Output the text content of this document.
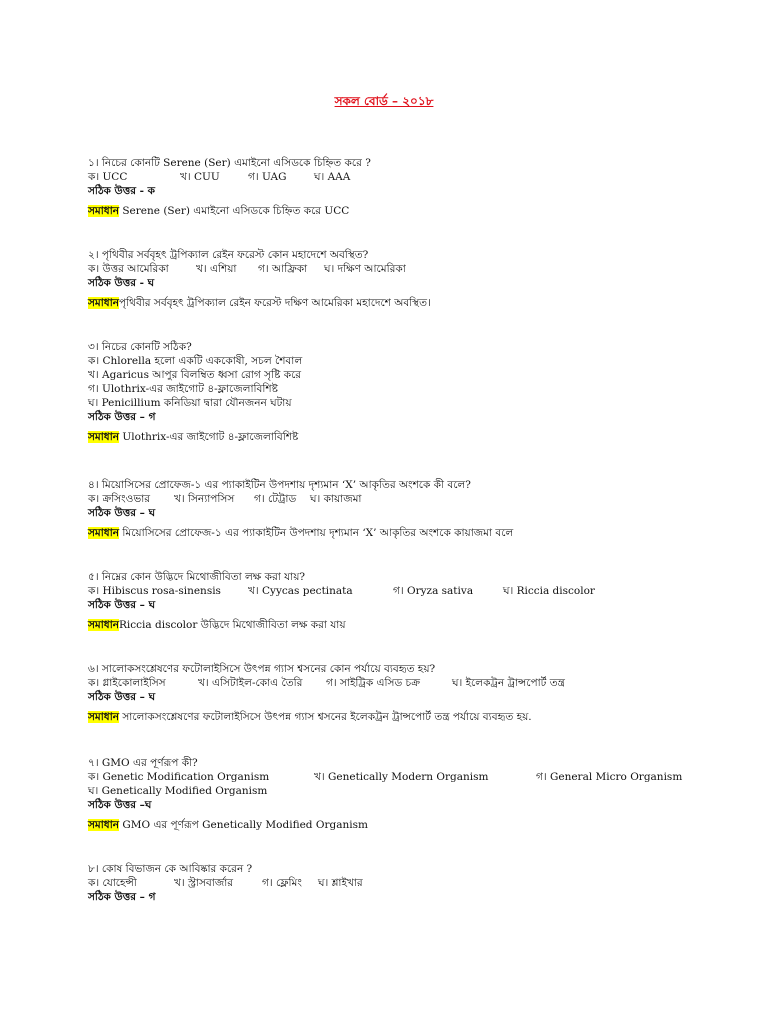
সকল বোর্ড – ২০১৮
১। নিচের কোনটি Serene (Ser) এমাইনো এসিডকে চিহ্নিত করে ?
ক। UCC	খ। CUU	গ। UAG	ঘ। AAA
সঠিক উত্তর - ক
সমাধান Serene (Ser) এমাইনো এসিডকে চিহ্নিত করে UCC
২। পৃথিবীর সর্ববৃহৎ ট্রপিক্যাল রেইন ফরেস্ট কোন মহাদেশে অবস্থিত?
ক। উত্তর আমেরিকা	খ। এশিয়া	গ। আফ্রিকা	ঘ। দক্ষিণ আমেরিকা
সঠিক উত্তর - ঘ
সমাধানপৃথিবীর সর্ববৃহৎ ট্রপিক্যাল রেইন ফরেস্ট দক্ষিণ আমেরিকা মহাদেশে অবস্থিত।
৩। নিচের কোনটি সঠিক?
ক। Chlorella হলো একটি এককোষী, সচল শৈবাল
খ। Agaricus আপুর বিলম্বিত ধ্বসা রোগ সৃষ্টি করে
গ। Ulothrix-এর জাইগোট ৪-ফ্লাজেলাবিশিষ্ট
ঘ। Penicillium কনিডিয়া দ্বারা যৌনজনন ঘটায়
সঠিক উত্তর – গ
সমাধান Ulothrix-এর জাইগোট ৪-ফ্লাজেলাবিশিষ্ট
৪। মিয়োসিসের প্রোফেজ-১ এর প্যাকাইটিন উপদশায় দৃশ্যমান ‘X’ আকৃতির অংশকে কী বলে?
ক। ক্রসিংওভার	খ। সিন্যাপসিস	গ। টেট্রাড	ঘ। কায়াজমা
সঠিক উত্তর – ঘ
সমাধান মিয়োসিসের প্রোফেজ-১ এর প্যাকাইটিন উপদশায় দৃশ্যমান ‘X’ আকৃতির অংশকে কায়াজমা বলে
৫। নিম্নের কোন উদ্ভিদে মিথোজীবিতা লক্ষ করা যায়?
ক। Hibiscus rosa-sinensis	খ। Cyycas pectinata	গ। Oryza sativa	ঘ। Riccia discolor
সঠিক উত্তর – ঘ
সমাধানRiccia discolor উদ্ভিদে মিথোজীবিতা লক্ষ করা যায়
৬। সালোকসংশ্লেষণের ফটোলাইসিসে উৎপন্ন গ্যাস শ্বসনের কোন পর্যায়ে ব্যবহৃত হয়?
ক। গ্লাইকোলাইসিস	খ। এসিটাইল-কোএ তৈরি	গ। সাইট্রিক এসিড চক্র	ঘ। ইলেকট্রন ট্রান্সপোর্ট তন্ত্র
সঠিক উত্তর – ঘ
সমাধান সালোকসংশ্লেষণের ফটোলাইসিসে উৎপন্ন গ্যাস শ্বসনের ইলেকট্রন ট্রান্সপোর্ট তন্ত্র পর্যায়ে ব্যবহৃত হয়.
৭। GMO এর পূর্ণরূপ কী?
ক। Genetic Modification Organism	খ। Genetically Modern Organism	গ। General Micro Organism
ঘ। Genetically Modified Organism
সঠিক উত্তর –ঘ
সমাধান GMO এর পূর্ণরূপ Genetically Modified Organism
৮। কোষ বিভাজন কে আবিষ্কার করেন ?
ক। যোহেন্সী	খ। স্ট্রাসবার্জার	গ। ফ্লেমিং	ঘ। শ্লাইখার
সঠিক উত্তর – গ
